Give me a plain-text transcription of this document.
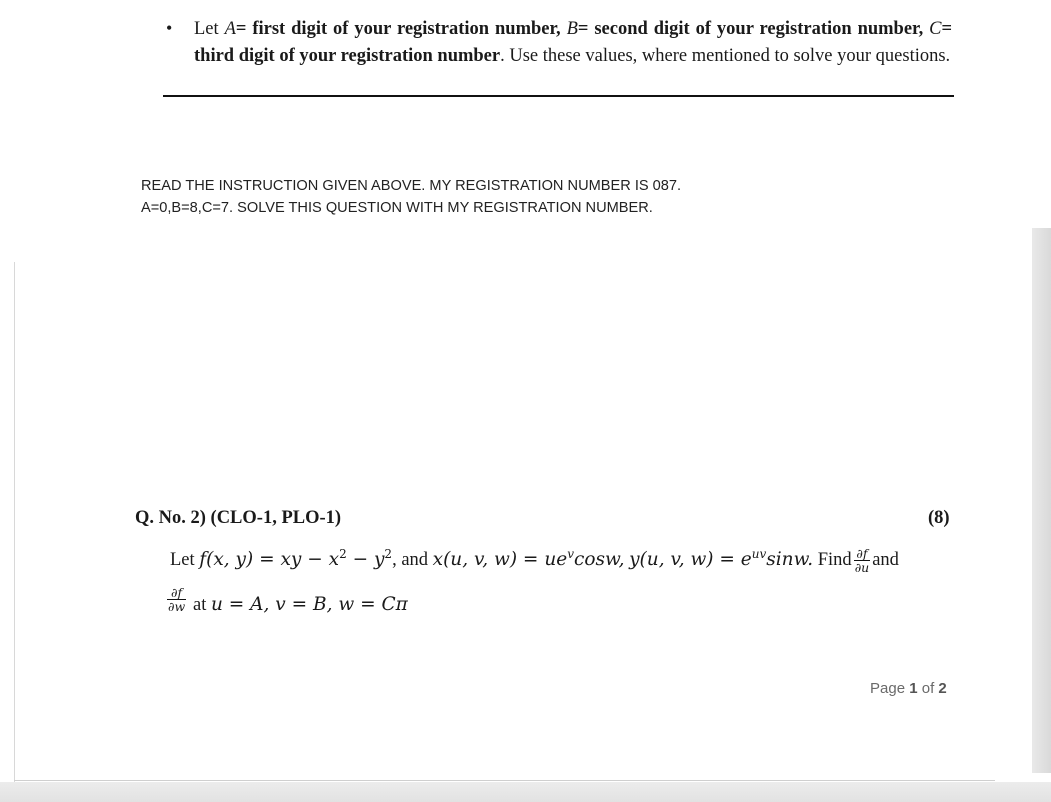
• Let A= first digit of your registration number, B= second digit of your registration number, C= third digit of your registration number. Use these values, where mentioned to solve your questions.
READ THE INSTRUCTION GIVEN ABOVE. MY REGISTRATION NUMBER IS 087.
A=0,B=8,C=7. SOLVE THIS QUESTION WITH MY REGISTRATION NUMBER.
Q. No. 2) (CLO-1, PLO-1)	(8)
Let f(x, y) = xy − $x^2 - y^2$, and x(u, v, $w) = ue^v\cos w$, y(u, v, $w) = e^{uv}\sin w$. Find $\frac{\partial f}{\partial u}$ and
$\frac{\partial f}{\partial w}$ at u = A, v = B, w = Cπ
Page 1 of 2
